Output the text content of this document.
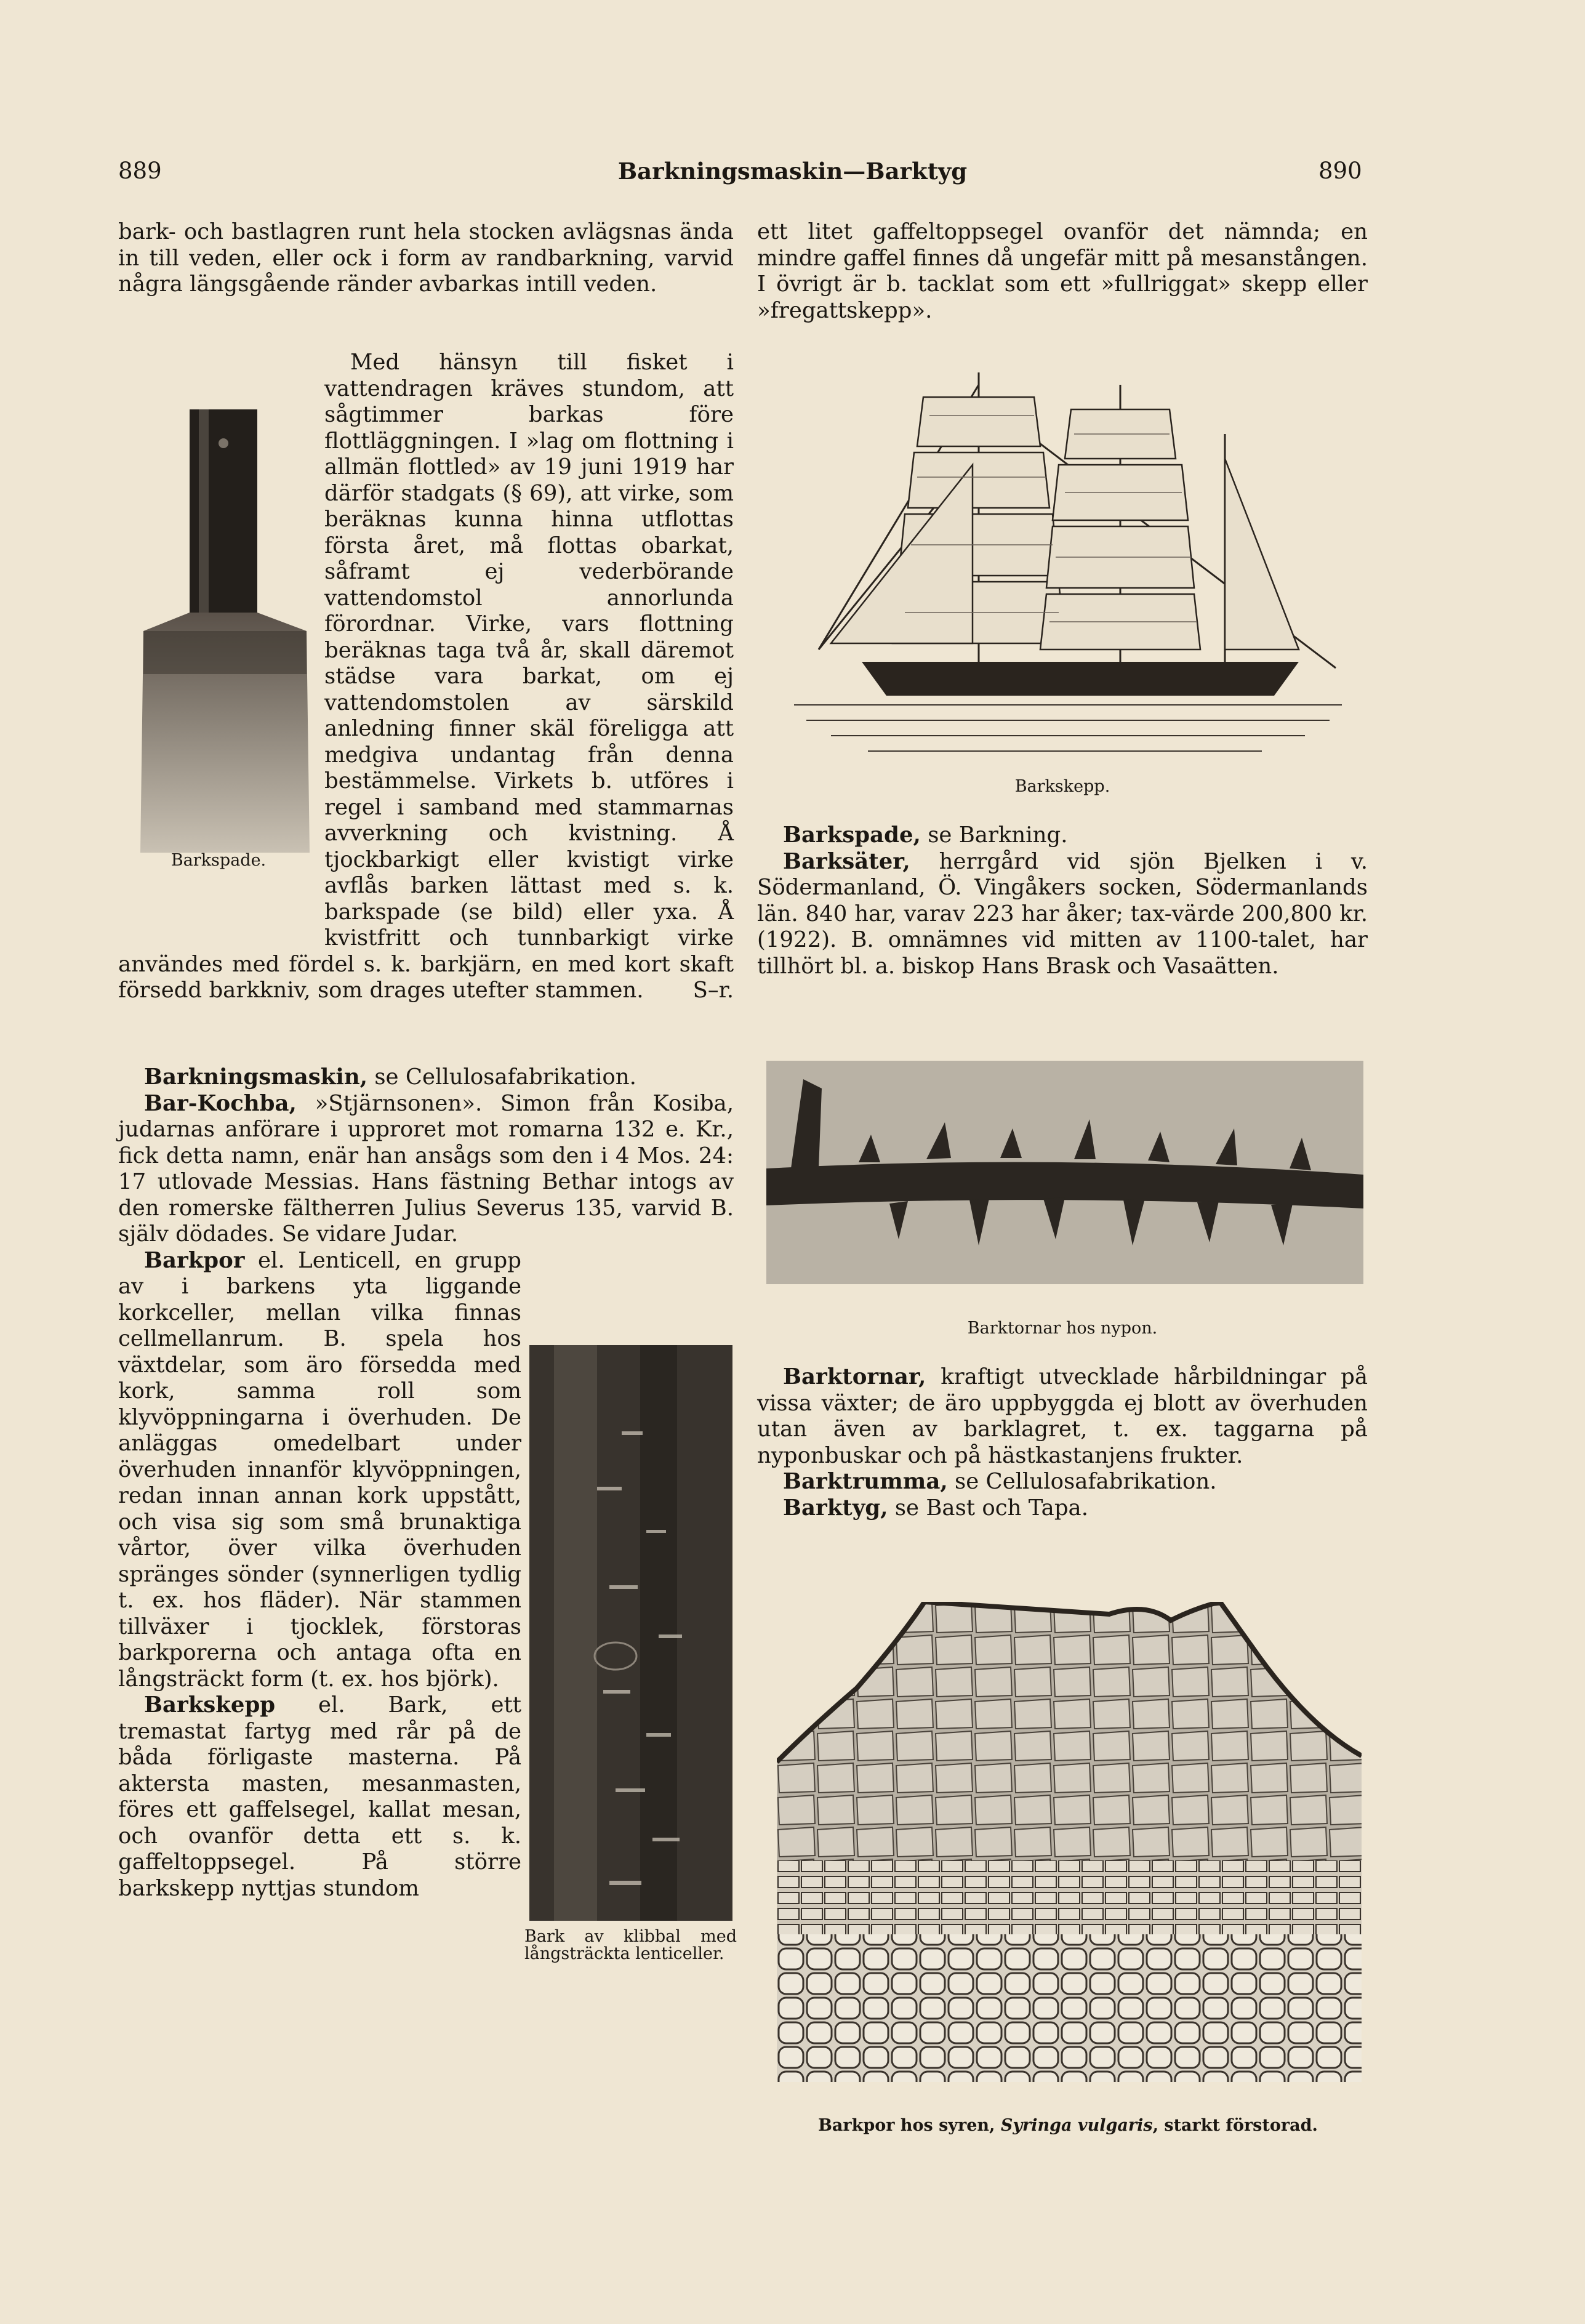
889	Barkningsmaskin—Barktyg	890
Barkspade.

bark- och bastlagren runt hela stocken avlägsnas ända in till veden, eller ock i form av randbarkning, varvid några längsgående ränder avbarkas intill veden.

Med hänsyn till fisket i vattendragen kräves stundom, att sågtimmer barkas före flottläggningen. I »lag om flottning i allmän flottled» av 19 juni 1919 har därför stadgats (§ 69), att virke, som beräknas kunna hinna utflottas första året, må flottas obarkat, såframt ej vederbörande vattendomstol annorlunda förordnar. Virke, vars flottning beräknas taga två år, skall däremot städse vara barkat, om ej vattendomstolen av särskild anledning finner skäl föreligga att medgiva undantag från denna bestämmelse. Virkets b. utföres i regel i samband med stammarnas avverkning och kvistning. Å tjockbarkigt eller kvistigt virke avflås barken lättast med s. k. barkspade (se bild) eller yxa. Å kvistfritt och tunnbarkigt virke användes med fördel s. k. barkjärn, en med kort skaft försedd barkkniv, som drages utefter stammen.	S–r.

Bark av klibbal med långsträckta lenticeller.

Barkningsmaskin, se Cellulosafabrikation.

Bar-Kochba, »Stjärnsonen». Simon från Kosiba, judarnas anförare i upproret mot romarna 132 e. Kr., fick detta namn, enär han ansågs som den i 4 Mos. 24: 17 utlovade Messias. Hans fästning Bethar intogs av den romerske fältherren Julius Severus 135, varvid B. själv dödades. Se vidare Judar.

Barkpor el. Lenticell, en grupp av i barkens yta liggande korkceller, mellan vilka finnas cellmellanrum. B. spela hos växtdelar, som äro försedda med kork, samma roll som klyvöppningarna i överhuden. De anläggas omedelbart under överhuden innanför klyvöppningen, redan innan annan kork uppstått, och visa sig som små brunaktiga vårtor, över vilka överhuden spränges sönder (synnerligen tydlig t. ex. hos fläder). När stammen tillväxer i tjocklek, förstoras barkporerna och antaga ofta en långsträckt form (t. ex. hos björk).

Barkskepp el. Bark, ett tremastat fartyg med rår på de båda förligaste masterna. På aktersta masten, mesanmasten, föres ett gaffelsegel, kallat mesan, och ovanför detta ett s. k. gaffeltoppsegel. På större barkskepp nyttjas stundom

ett litet gaffeltoppsegel ovanför det nämnda; en mindre gaffel finnes då ungefär mitt på mesanstången. I övrigt är b. tacklat som ett »fullriggat» skepp eller »fregattskepp».

Barkskepp.

Barkspade, se Barkning.

Barksäter, herrgård vid sjön Bjelken i v. Södermanland, Ö. Vingåkers socken, Södermanlands län. 840 har, varav 223 har åker; tax-värde 200,800 kr. (1922). B. omnämnes vid mitten av 1100-talet, har tillhört bl. a. biskop Hans Brask och Vasaätten.

Barktornar hos nypon.

Barktornar, kraftigt utvecklade hårbildningar på vissa växter; de äro uppbyggda ej blott av överhuden utan även av barklagret, t. ex. taggarna på nyponbuskar och på hästkastanjens frukter.

Barktrumma, se Cellulosafabrikation.

Barktyg, se Bast och Tapa.

Barkpor hos syren, Syringa vulgaris, starkt förstorad.
